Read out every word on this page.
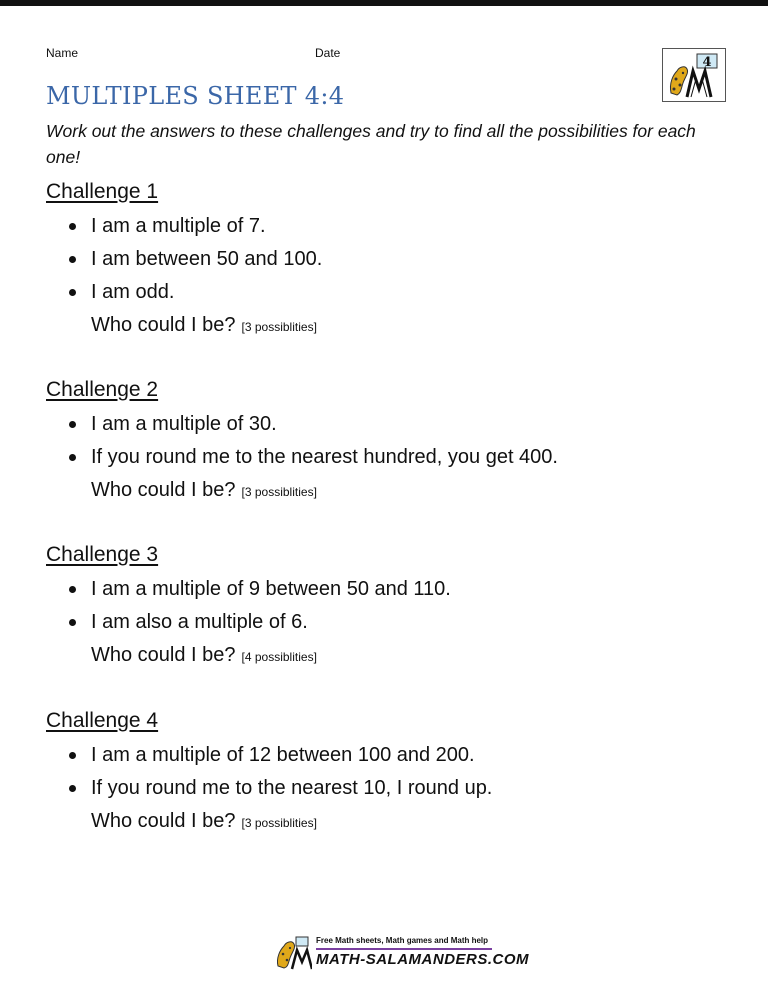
Name	Date
4
MULTIPLES SHEET 4:4

Work out the answers to these challenges and try to find all the possibilities for each one!

Challenge 1
I am a multiple of 7.
I am between 50 and 100.
I am odd.
Who could I be? [3 possiblities]
Challenge 2
I am a multiple of 30.
If you round me to the nearest hundred, you get 400.
Who could I be? [3 possiblities]
Challenge 3
I am a multiple of 9 between 50 and 110.
I am also a multiple of 6.
Who could I be? [4 possiblities]
Challenge 4
I am a multiple of 12 between 100 and 200.
If you round me to the nearest 10, I round up.
Who could I be? [3 possiblities]
Free Math sheets, Math games and Math help
MATH-SALAMANDERS.COM
